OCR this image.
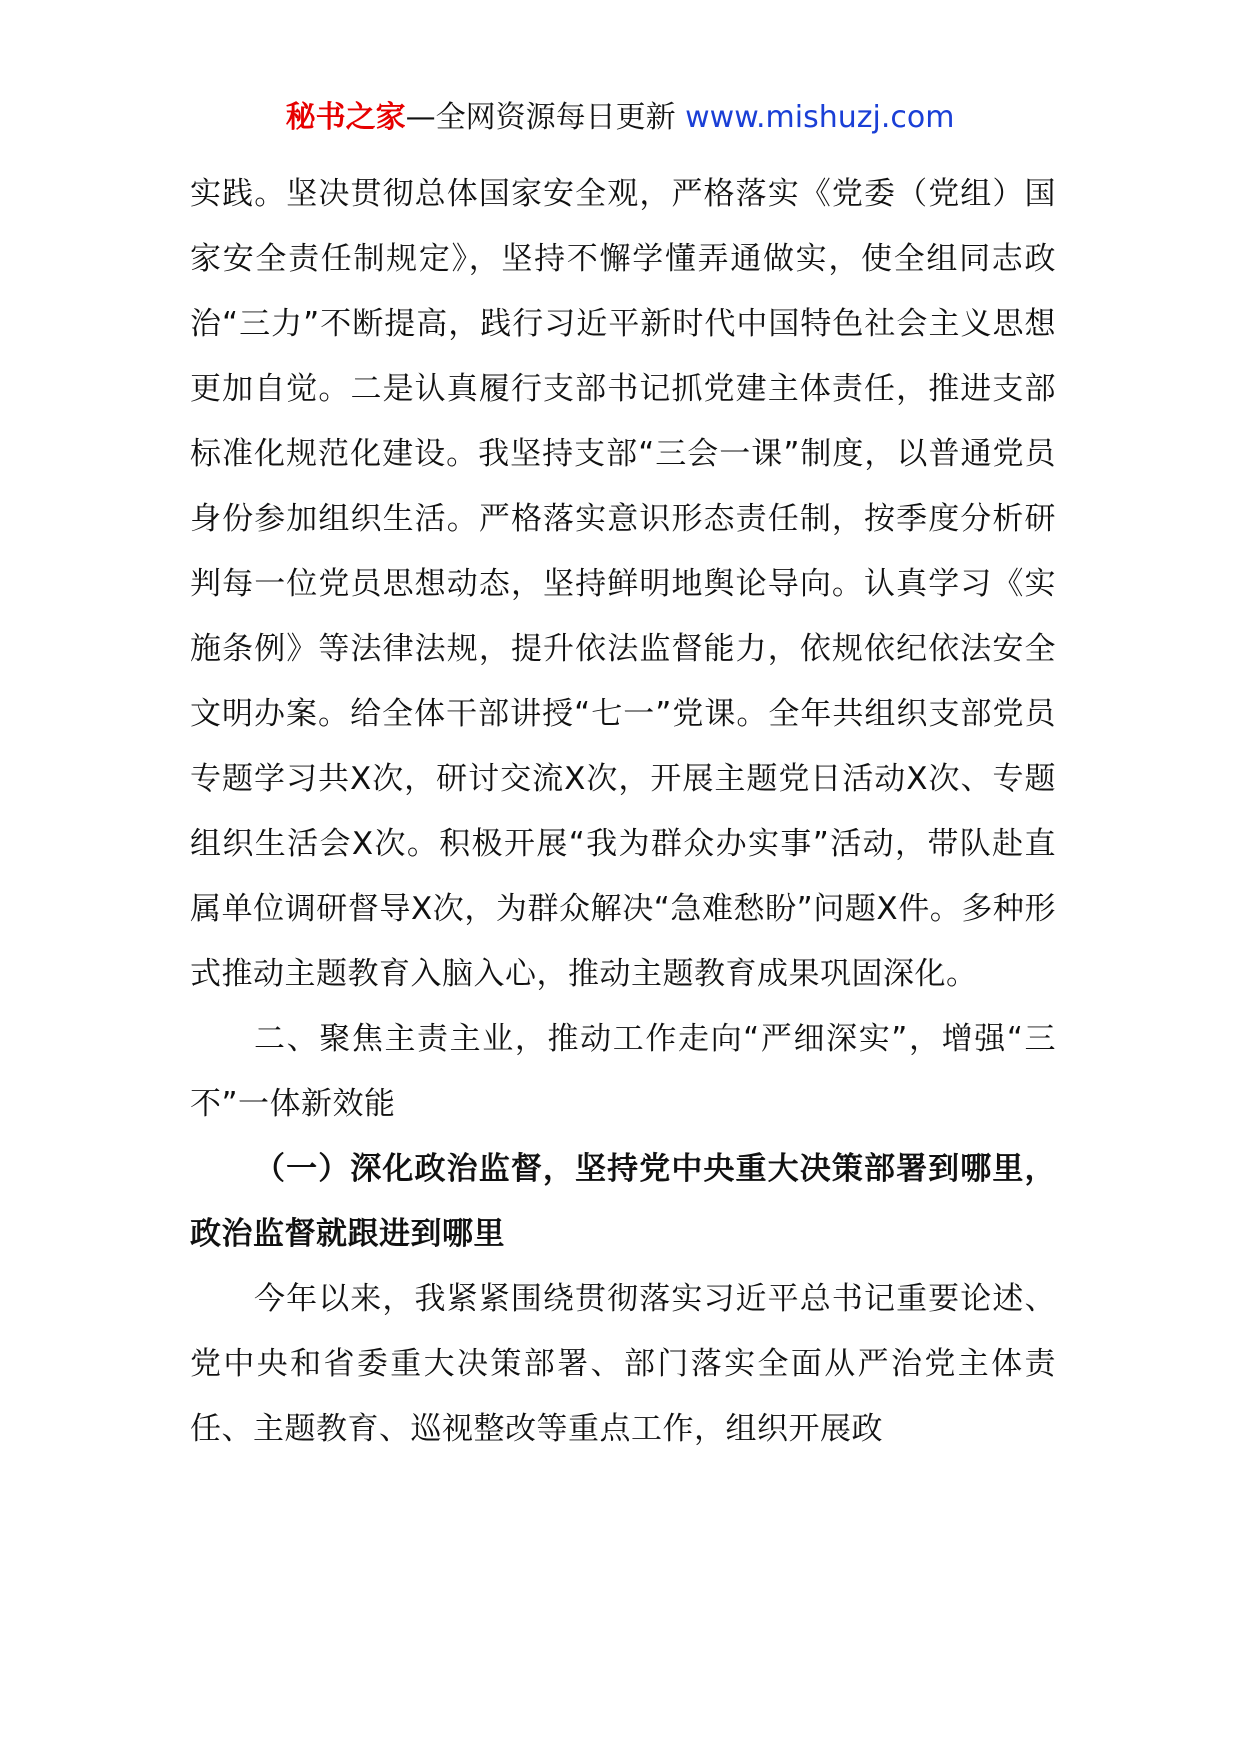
秘书之家—全网资源每日更新 www.mishuzj.com

实践。坚决贯彻总体国家安全观，严格落实《党委（党组）国家安全责任制规定》，坚持不懈学懂弄通做实，使全组同志政治“三力”不断提高，践行习近平新时代中国特色社会主义思想更加自觉。二是认真履行支部书记抓党建主体责任，推进支部标准化规范化建设。我坚持支部“三会一课”制度，以普通党员身份参加组织生活。严格落实意识形态责任制，按季度分析研判每一位党员思想动态，坚持鲜明地舆论导向。认真学习《实施条例》等法律法规，提升依法监督能力，依规依纪依法安全文明办案。给全体干部讲授“七一”党课。全年共组织支部党员专题学习共X次，研讨交流X次，开展主题党日活动X次、专题组织生活会X次。积极开展“我为群众办实事”活动，带队赴直属单位调研督导X次，为群众解决“急难愁盼”问题X件。多种形式推动主题教育入脑入心，推动主题教育成果巩固深化。

二、聚焦主责主业，推动工作走向“严细深实”，增强“三不”一体新效能

（一）深化政治监督，坚持党中央重大决策部署到哪里，政治监督就跟进到哪里

今年以来，我紧紧围绕贯彻落实习近平总书记重要论述、党中央和省委重大决策部署、部门落实全面从严治党主体责任、主题教育、巡视整改等重点工作，组织开展政
